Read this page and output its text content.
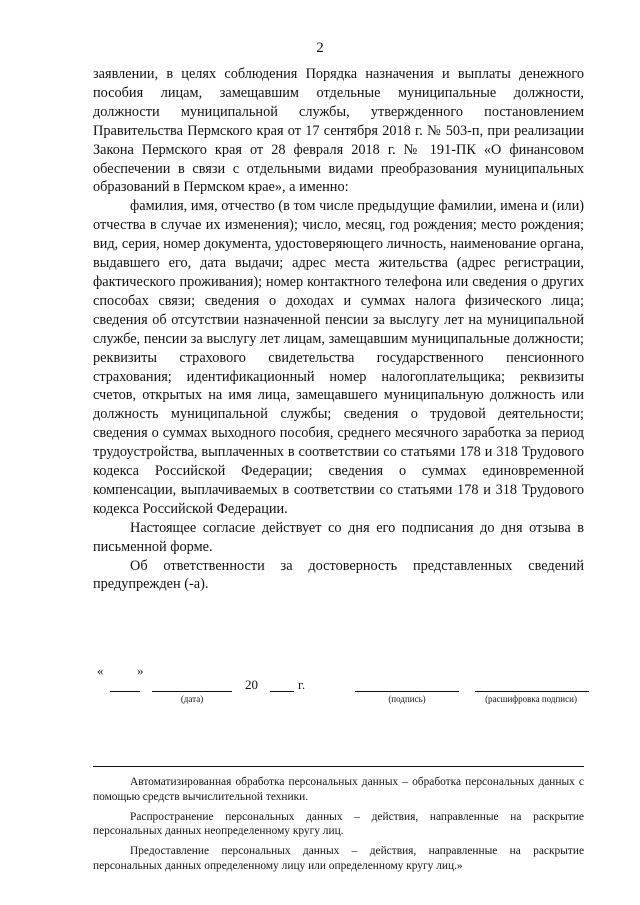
2

заявлении, в целях соблюдения Порядка назначения и выплаты денежного пособия лицам, замещавшим отдельные муниципальные должности, должности муниципальной службы, утвержденного постановлением Правительства Пермского края от 17 сентября 2018 г. № 503-п, при реализации Закона Пермского края от 28 февраля 2018 г. № 191-ПК «О финансовом обеспечении в связи с отдельными видами преобразования муниципальных образований в Пермском крае», а именно:

фамилия, имя, отчество (в том числе предыдущие фамилии, имена и (или) отчества в случае их изменения); число, месяц, год рождения; место рождения; вид, серия, номер документа, удостоверяющего личность, наименование органа, выдавшего его, дата выдачи; адрес места жительства (адрес регистрации, фактического проживания); номер контактного телефона или сведения о других способах связи; сведения о доходах и суммах налога физического лица; сведения об отсутствии назначенной пенсии за выслугу лет на муниципальной службе, пенсии за выслугу лет лицам, замещавшим муниципальные должности; реквизиты страхового свидетельства государственного пенсионного страхования; идентификационный номер налогоплательщика; реквизиты счетов, открытых на имя лица, замещавшего муниципальную должность или должность муниципальной службы; сведения о трудовой деятельности; сведения о суммах выходного пособия, среднего месячного заработка за период трудоустройства, выплаченных в соответствии со статьями 178 и 318 Трудового кодекса Российской Федерации; сведения о суммах единовременной компенсации, выплачиваемых в соответствии со статьями 178 и 318 Трудового кодекса Российской Федерации.

Настоящее согласие действует со дня его подписания до дня отзыва в письменной форме.

Об ответственности за достоверность представленных сведений предупрежден (-а).

«	»
20	г.
(дата)	(подпись)	(расшифровка подписи)

Автоматизированная обработка персональных данных – обработка персональных данных с помощью средств вычислительной техники.

Распространение персональных данных – действия, направленные на раскрытие персональных данных неопределенному кругу лиц.

Предоставление персональных данных – действия, направленные на раскрытие персональных данных определенному лицу или определенному кругу лиц.»
